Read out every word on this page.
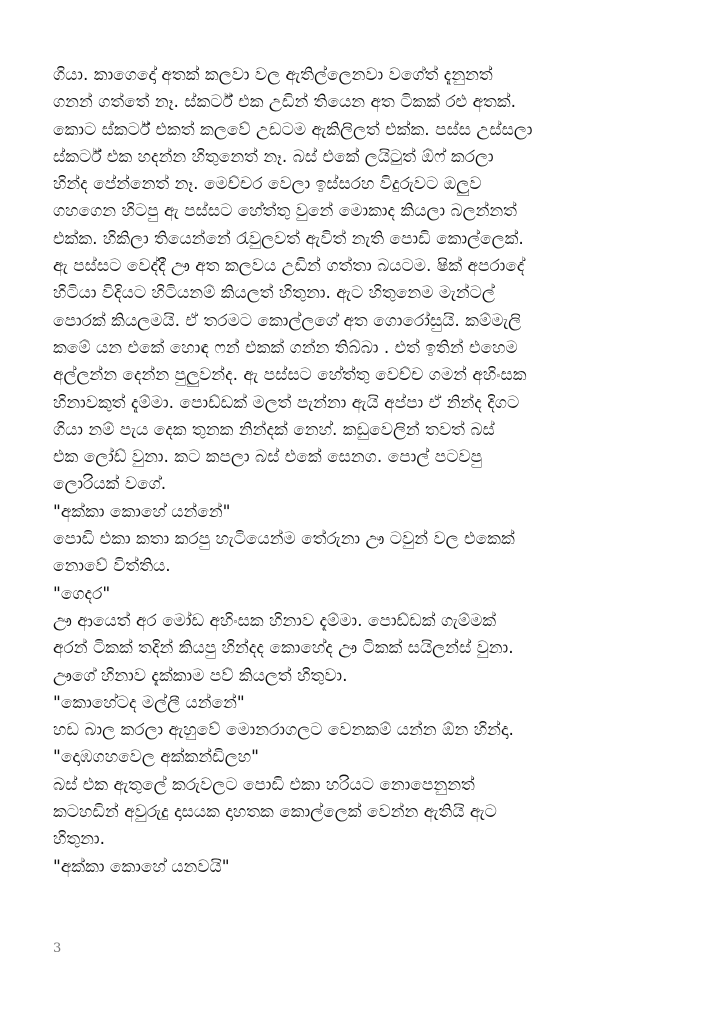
ගියා. කාගෙදෝ අතක් කලවා වල ඇතිල්ලෙනවා වගේත් දැනුනත්
ගනන් ගත්තේ නෑ. ස්කර්ට් එක උඩින් තියෙන අත ටිකක් රළු අතක්.
කොට ස්කර්ට් එකත් කලවේ උඩටම ඇකිලිලත් එක්ක. පස්ස උස්සලා
ස්කර්ට් එක හදන්න හිතුනෙත් නෑ. බස් එකේ ලයිටුත් ඕෆ් කරලා
හින්ද පේන්නෙත් නෑ. මෙච්චර වෙලා ඉස්සරහ විදුරුවට ඔලුව
ගහගෙන හිටපු ඇ පස්සට හේත්තු වුනේ මොකාද කියලා බලන්නත්
එක්ක. හිකිලා තියෙන්නේ රැවුලවත් ඇවිත් නැති පොඩි කොල්ලෙක්.
ඇ පස්සට වෙද්දී ඌ අත කලවය උඩින් ගත්තා බයටම. ෂික් අපරාදේ
හිටියා විදියට හිටියනම් කියලත් හිතුනා. ඇට හිතුනෙම මැන්ටල්
පොරක් කියලමයි. ඒ තරමට කොල්ලගේ අත ගොරෝසුයි. කම්මැලි
කමේ යන එකේ හොඳ ෆන් එකක් ගන්න තිබ්බා . එත් ඉතින් එහෙම
අල්ලන්න දෙන්න පුලුවන්ද. ඇ පස්සට හේත්තු වෙච්ච ගමන් අහිංසක
හිනාවකුත් දැම්මා. පොඩ්ඩක් මලත් පැන්නා ඇයි අප්පා ඒ නින්ද දිගට
ගියා නම් පැය දෙක තුනක නින්දක් නෙහ්. කඩුවෙලින් තවත් බස්
එක ලෝඩ් වුනා. කට කපලා බස් එකේ සෙනග. පොල් පටවපු
ලොරියක් වගේ.
"අක්කා කොහේ යන්නේ"
පොඩි එකා කතා කරපු හැටියෙන්ම තේරුනා ඌ ටවුන් වල එකෙක්
නොවේ විත්තිය.
"ගෙදර"
ඌ ආයෙත් අර මෝඩ අහිංසක හිනාව දැම්මා. පොඩ්ඩක් ගැම්මක්
අරන් ටිකක් තදින් කියපු හින්දද කොහේද ඌ ටිකක් සයිලන්ස් වුනා.
ඌගේ හිනාව දැක්කාම පව් කියලත් හිතුවා.
"කොහේටද මල්ලී යන්නේ"
හඩ බාල කරලා ඇහුවේ මොනරාගලට වෙනකම් යන්න ඕන හින්දා.
"දොඹගහවෙල අක්කන්ඩිලහ"
බස් එක ඇතුලේ කරුවලට පොඩි එකා හරියට නොපෙනුනත්
කටහඩින් අවුරුදු දාසයක දාහතක කොල්ලෙක් වෙන්න ඇතියි ඇට
හිතුනා.
"අක්කා කොහේ යනවයි"
3
